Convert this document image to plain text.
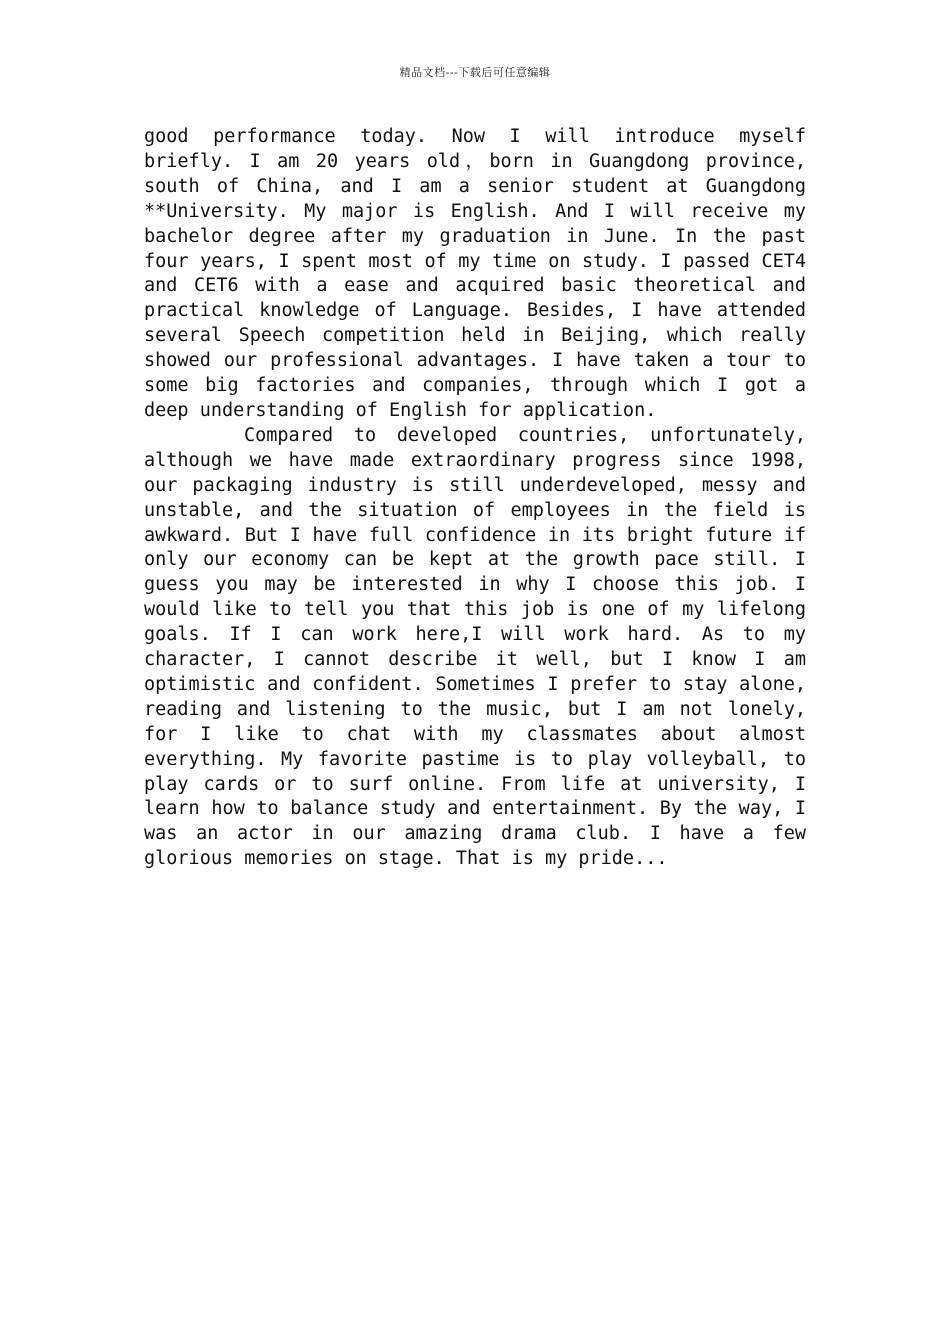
精品文档---下载后可任意编辑

good performance today. Now I will introduce myself briefly. I am 20 years old，born in Guangdong province, south of China, and I am a senior student at Guangdong **University. My major is English. And I will receive my bachelor degree after my graduation in June. In the past four years, I spent most of my time on study. I passed CET4 and CET6 with a ease and acquired basic theoretical and practical knowledge of Language. Besides, I have attended several Speech competition held in Beijing, which really showed our professional advantages. I have taken a tour to some big factories and companies, through which I got a deep understanding of English for application.

Compared to developed countries, unfortunately, although we have made extraordinary progress since 1998, our packaging industry is still underdeveloped, messy and unstable, and the situation of employees in the field is awkward. But I have full confidence in its bright future if only our economy can be kept at the growth pace still. I guess you may be interested in why I choose this job. I would like to tell you that this job is one of my lifelong goals. If I can work here,I will work hard. As to my character, I cannot describe it well, but I know I am optimistic and confident. Sometimes I prefer to stay alone, reading and listening to the music, but I am not lonely, for I like to chat with my classmates about almost everything. My favorite pastime is to play volleyball, to play cards or to surf online. From life at university, I learn how to balance study and entertainment. By the way, I was an actor in our amazing drama club. I have a few glorious memories on stage. That is my pride...
